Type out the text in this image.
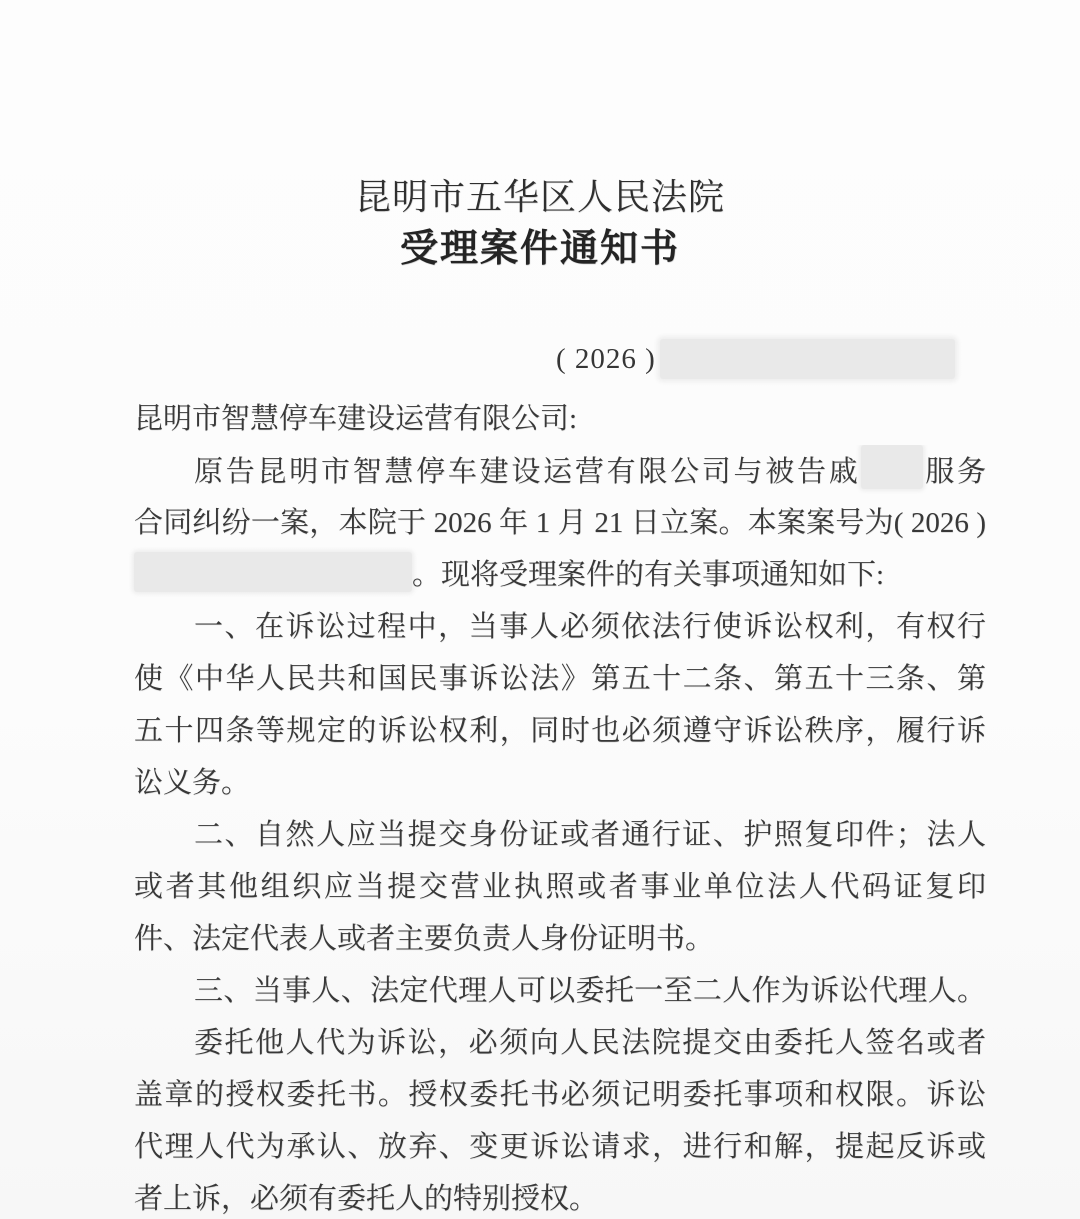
昆明市五华区人民法院
受理案件通知书
( 2026 )
昆明市智慧停车建设运营有限公司:
原告昆明市智慧停车建设运营有限公司与被告戚 服务
合同纠纷一案，本院于 2026 年 1 月 21 日立案。本案案号为( 2026 )
。现将受理案件的有关事项通知如下:
一、在诉讼过程中，当事人必须依法行使诉讼权利，有权行
使《中华人民共和国民事诉讼法》第五十二条、第五十三条、第
五十四条等规定的诉讼权利，同时也必须遵守诉讼秩序，履行诉
讼义务。
二、自然人应当提交身份证或者通行证、护照复印件；法人
或者其他组织应当提交营业执照或者事业单位法人代码证复印
件、法定代表人或者主要负责人身份证明书。
三、当事人、法定代理人可以委托一至二人作为诉讼代理人。
委托他人代为诉讼，必须向人民法院提交由委托人签名或者
盖章的授权委托书。授权委托书必须记明委托事项和权限。诉讼
代理人代为承认、放弃、变更诉讼请求，进行和解，提起反诉或
者上诉，必须有委托人的特别授权。
